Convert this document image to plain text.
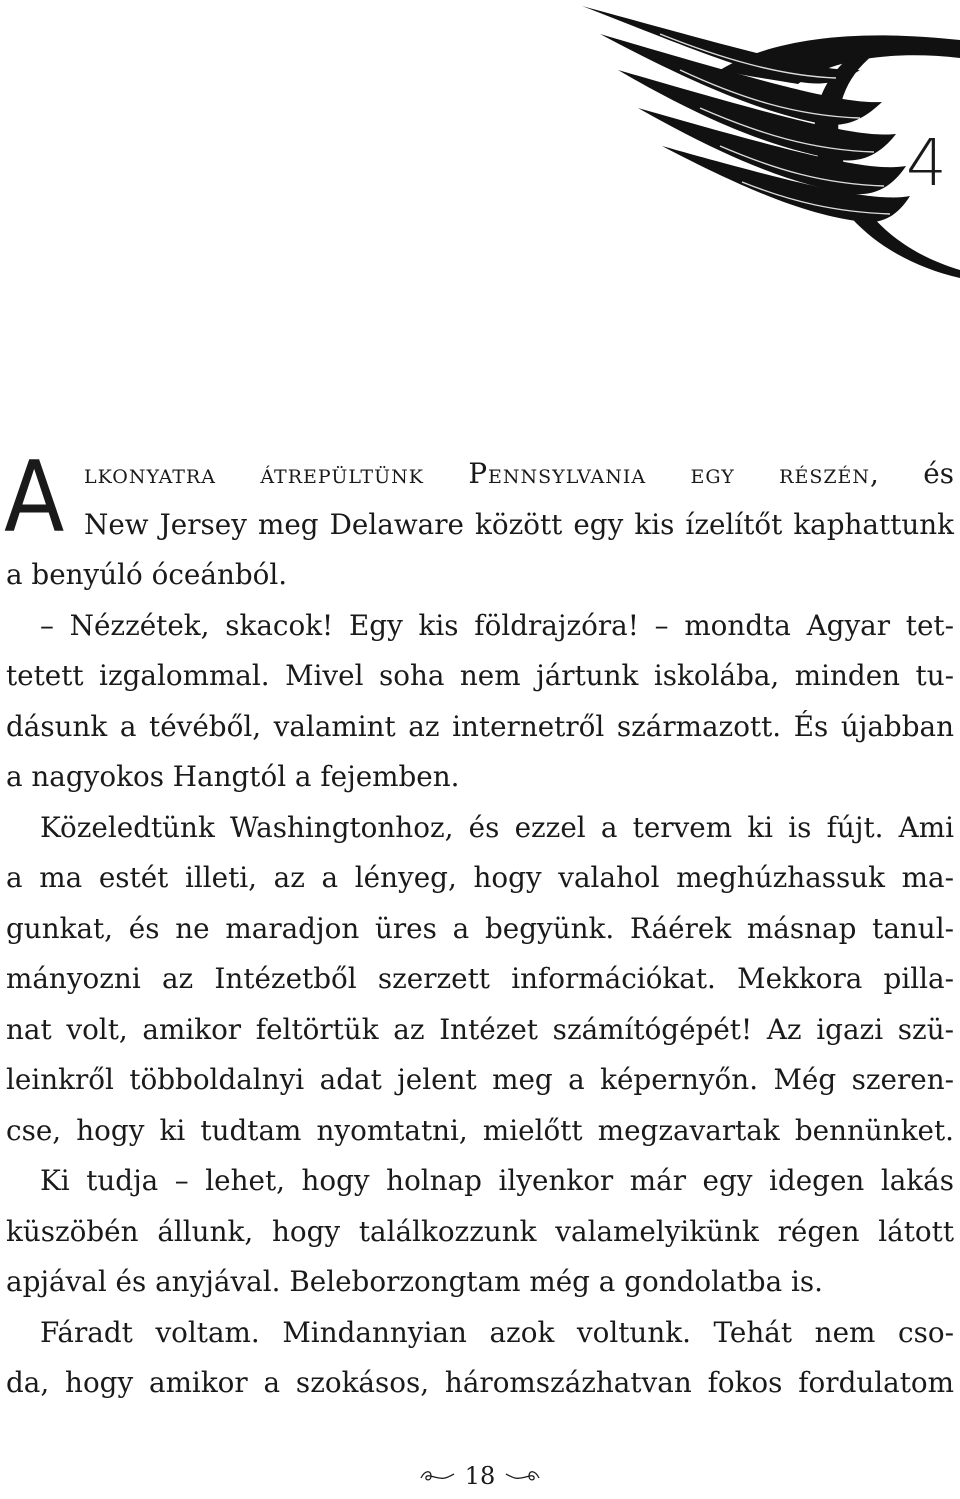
4
A lkonyatra átrepültünk Pennsylvania egy részén, és
New Jersey meg Delaware között egy kis ízelítőt kaphattunk
a benyúló óceánból.
– Nézzétek, skacok! Egy kis földrajzóra! – mondta Agyar tet-
tetett izgalommal. Mivel soha nem jártunk iskolába, minden tu-
dásunk a tévéből, valamint az internetről származott. És újabban
a nagyokos Hangtól a fejemben.
Közeledtünk Washingtonhoz, és ezzel a tervem ki is fújt. Ami
a ma estét illeti, az a lényeg, hogy valahol meghúzhassuk ma-
gunkat, és ne maradjon üres a begyünk. Ráérek másnap tanul-
mányozni az Intézetből szerzett információkat. Mekkora pilla-
nat volt, amikor feltörtük az Intézet számítógépét! Az igazi szü-
leinkről többoldalnyi adat jelent meg a képernyőn. Még szeren-
cse, hogy ki tudtam nyomtatni, mielőtt megzavartak bennünket.
Ki tudja – lehet, hogy holnap ilyenkor már egy idegen lakás
küszöbén állunk, hogy találkozzunk valamelyikünk régen látott
apjával és anyjával. Beleborzongtam még a gondolatba is.
Fáradt voltam. Mindannyian azok voltunk. Tehát nem cso-
da, hogy amikor a szokásos, háromszázhatvan fokos fordulatom
18
